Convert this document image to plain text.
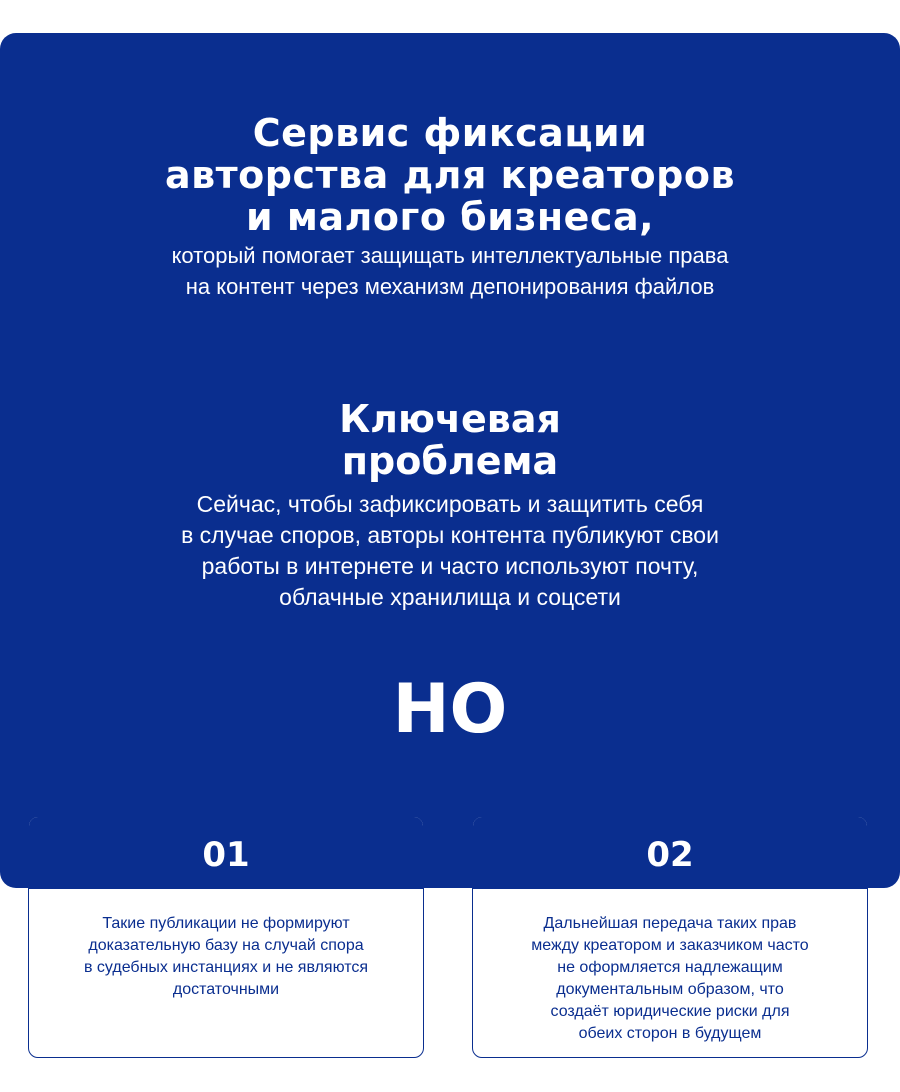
Сервис фиксации
авторства для креаторов
и малого бизнеса,

который помогает защищать интеллектуальные права
на контент через механизм депонирования файлов

Ключевая
проблема

Сейчас, чтобы зафиксировать и защитить себя
в случае споров, авторы контента публикуют свои
работы в интернете и часто используют почту,
облачные хранилища и соцсети

НО
01
Такие публикации не формируют
доказательную базу на случай спора
в судебных инстанциях и не являются
достаточными
02
Дальнейшая передача таких прав
между креатором и заказчиком часто
не оформляется надлежащим
документальным образом, что
создаёт юридические риски для
обеих сторон в будущем
